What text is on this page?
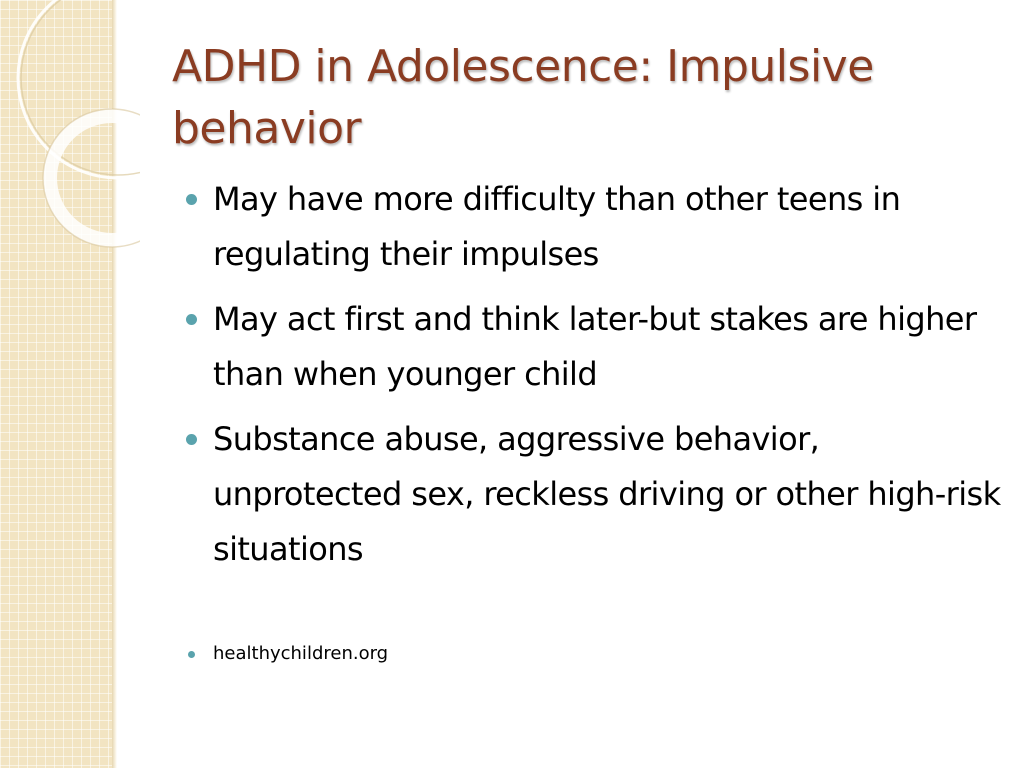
ADHD in Adolescence: Impulsive behavior
May have more difficulty than other teens in regulating their impulses
May act first and think later-but stakes are higher than when younger child
Substance abuse, aggressive behavior, unprotected sex, reckless driving or other high-risk situations
healthychildren.org
